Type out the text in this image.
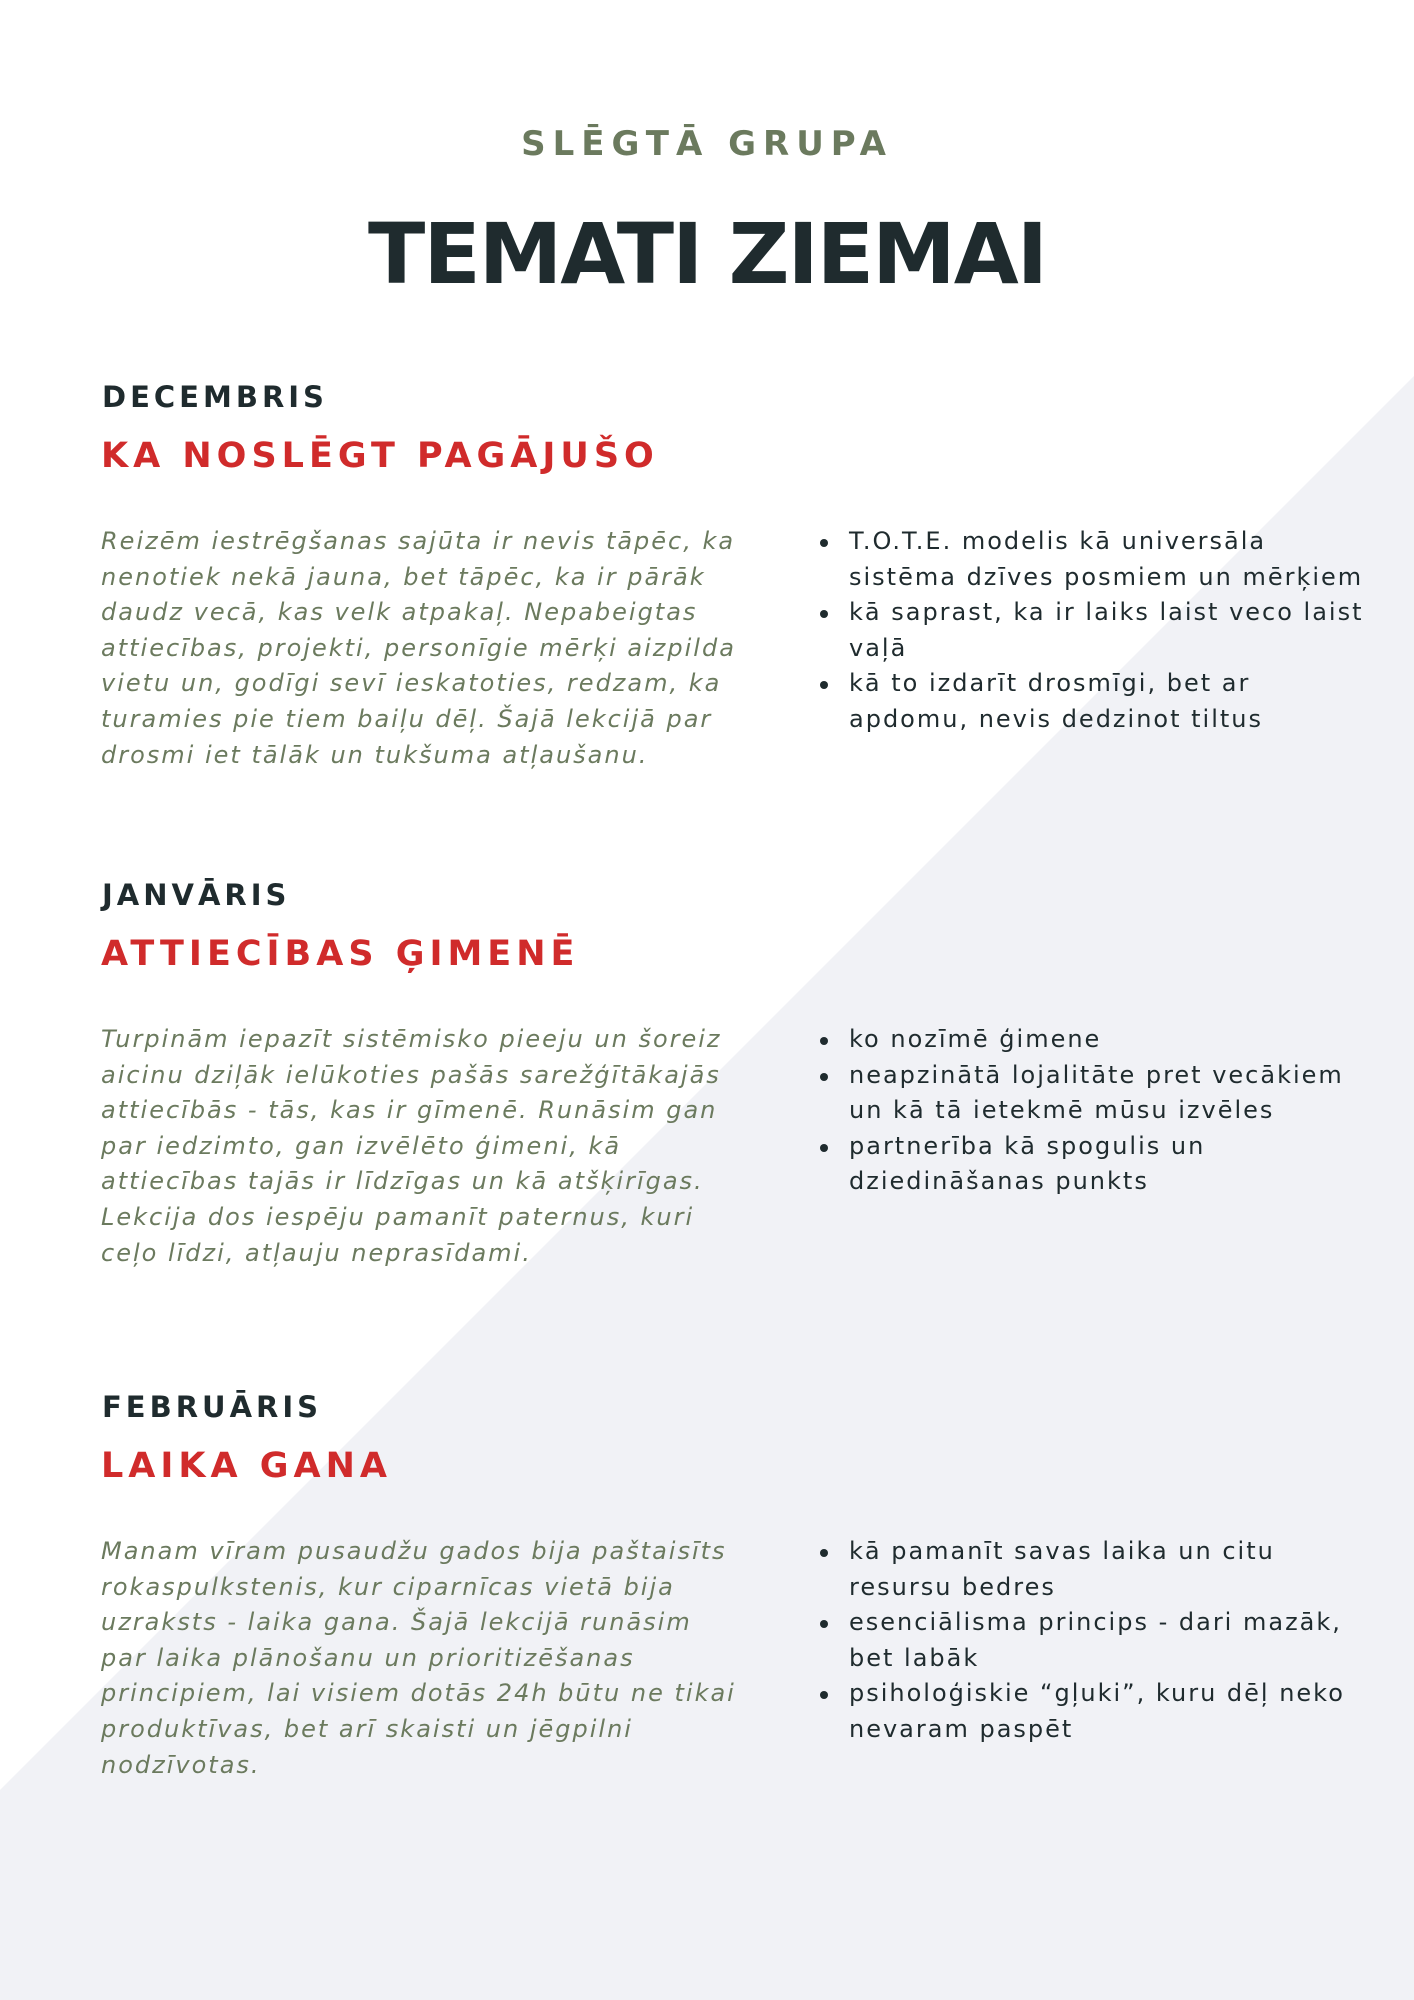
SLĒGTĀ GRUPA
TEMATI ZIEMAI
DECEMBRIS
KA NOSLĒGT PAGĀJUŠO

Reizēm iestrēgšanas sajūta ir nevis tāpēc, ka nenotiek nekā jauna, bet tāpēc, ka ir pārāk daudz vecā, kas velk atpakaļ. Nepabeigtas attiecības, projekti, personīgie mērķi aizpilda vietu un, godīgi sevī ieskatoties, redzam, ka turamies pie tiem baiļu dēļ. Šajā lekcijā par drosmi iet tālāk un tukšuma atļaušanu.

T.O.T.E. modelis kā universāla sistēma dzīves posmiem un mērķiem
kā saprast, ka ir laiks laist veco laist vaļā
kā to izdarīt drosmīgi, bet ar apdomu, nevis dedzinot tiltus
JANVĀRIS
ATTIECĪBAS ĢIMENĒ

Turpinām iepazīt sistēmisko pieeju un šoreiz aicinu dziļāk ielūkoties pašās sarežģītākajās attiecībās - tās, kas ir gīmenē. Runāsim gan par iedzimto, gan izvēlēto ģimeni, kā attiecības tajās ir līdzīgas un kā atšķirīgas. Lekcija dos iespēju pamanīt paternus, kuri ceļo līdzi, atļauju neprasīdami.

ko nozīmē ģimene
neapzinātā lojalitāte pret vecākiem un kā tā ietekmē mūsu izvēles
partnerība kā spogulis un dziedināšanas punkts
FEBRUĀRIS
LAIKA GANA

Manam vīram pusaudžu gados bija paštaisīts rokaspulkstenis, kur ciparnīcas vietā bija uzraksts - laika gana. Šajā lekcijā runāsim par laika plānošanu un prioritizēšanas principiem, lai visiem dotās 24h būtu ne tikai produktīvas, bet arī skaisti un jēgpilni nodzīvotas.

kā pamanīt savas laika un citu resursu bedres
esenciālisma princips - dari mazāk, bet labāk
psiholoģiskie “gļuki”, kuru dēļ neko nevaram paspēt
